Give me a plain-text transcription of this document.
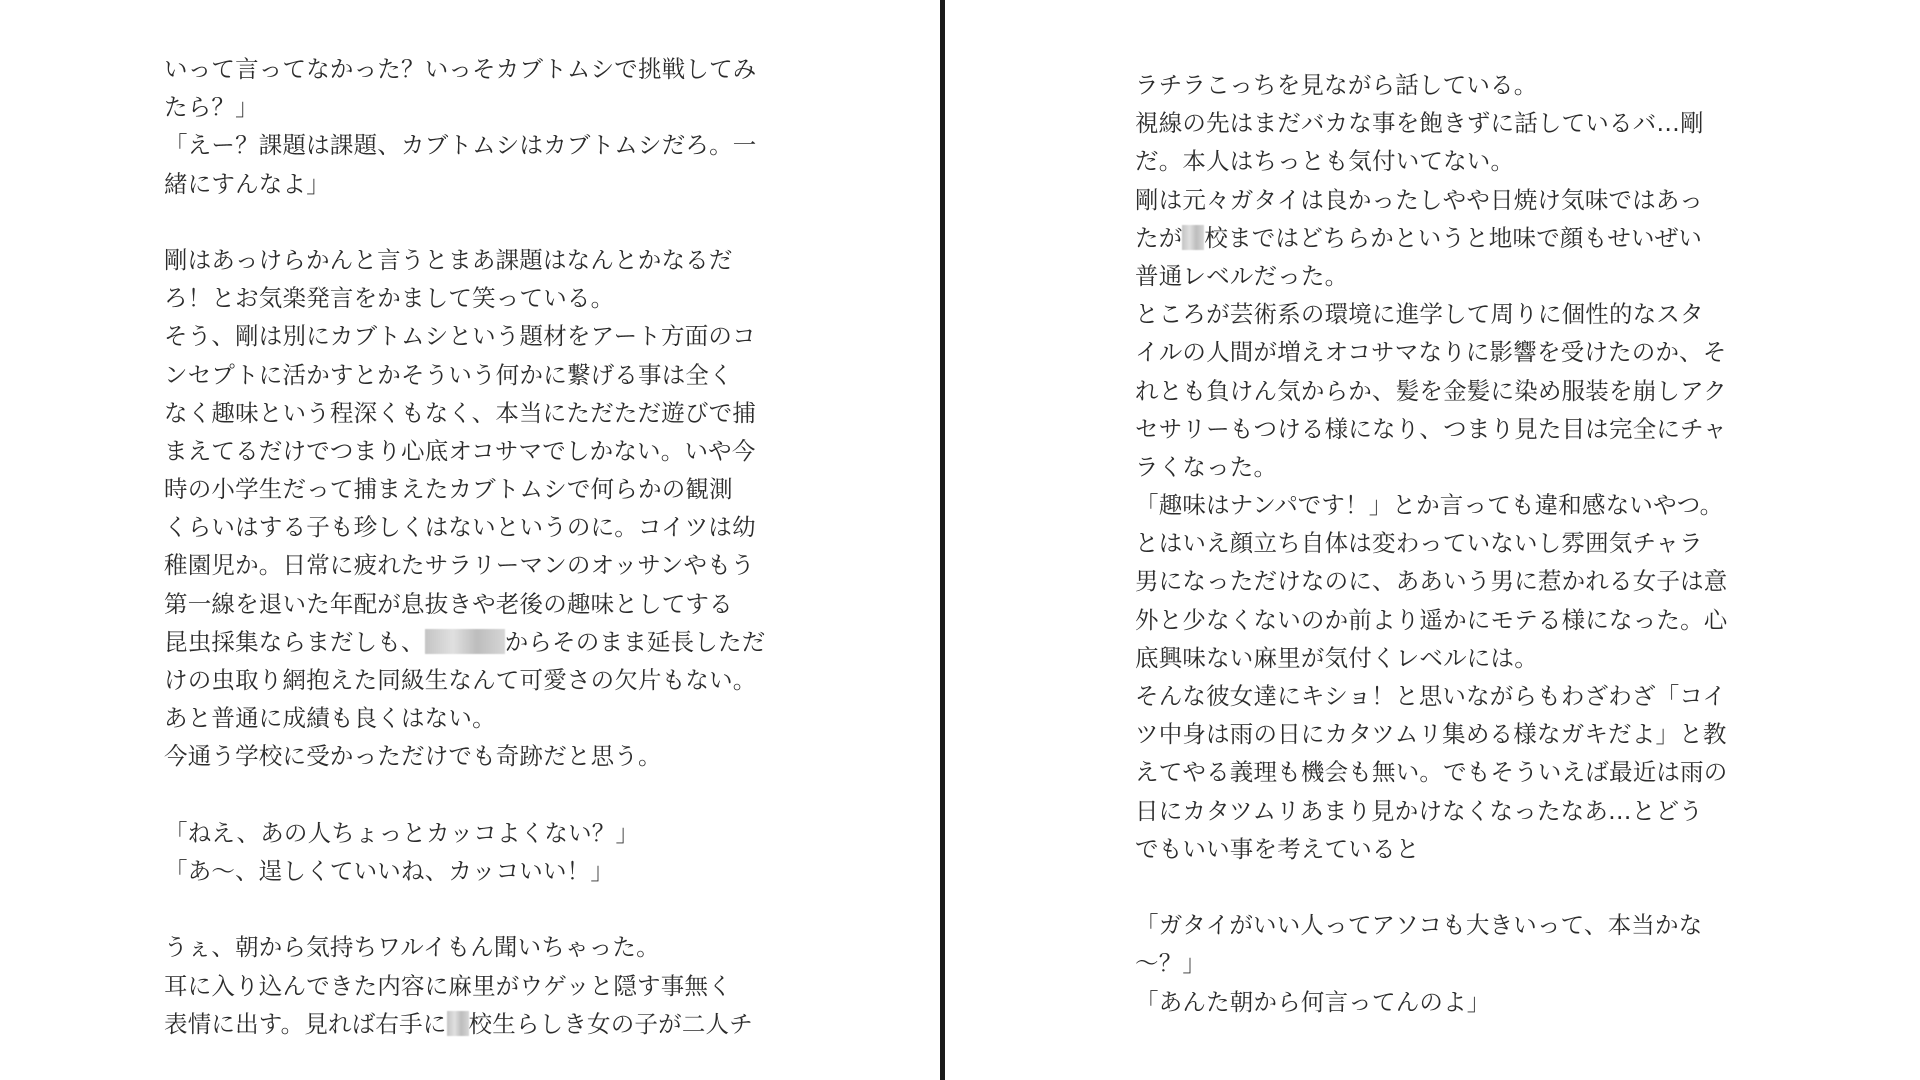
いって言ってなかった？いっそカブトムシで挑戦してみ
たら？」
「えー？課題は課題、カブトムシはカブトムシだろ。一
緒にすんなよ」
剛はあっけらかんと言うとまあ課題はなんとかなるだ
ろ！とお気楽発言をかまして笑っている。
そう、剛は別にカブトムシという題材をアート方面のコ
ンセプトに活かすとかそういう何かに繋げる事は全く
なく趣味という程深くもなく、本当にただただ遊びで捕
まえてるだけでつまり心底オコサマでしかない。いや今
時の小学生だって捕まえたカブトムシで何らかの観測
くらいはする子も珍しくはないというのに。コイツは幼
稚園児か。日常に疲れたサラリーマンのオッサンやもう
第一線を退いた年配が息抜きや老後の趣味としてする
昆虫採集ならまだしも、	からそのまま延長しただ
けの虫取り網抱えた同級生なんて可愛さの欠片もない。
あと普通に成績も良くはない。
今通う学校に受かっただけでも奇跡だと思う。
「ねえ、あの人ちょっとカッコよくない？」
「あ〜、逞しくていいね、カッコいい！」
うぇ、朝から気持ちワルイもん聞いちゃった。
耳に入り込んできた内容に麻里がウゲッと隠す事無く
表情に出す。見れば右手に 校生らしき女の子が二人チ
ラチラこっちを見ながら話している。
視線の先はまだバカな事を飽きずに話しているバ…剛
だ。本人はちっとも気付いてない。
剛は元々ガタイは良かったしやや日焼け気味ではあっ
たが 校まではどちらかというと地味で顔もせいぜい
普通レベルだった。
ところが芸術系の環境に進学して周りに個性的なスタ
イルの人間が増えオコサマなりに影響を受けたのか、そ
れとも負けん気からか、髪を金髪に染め服装を崩しアク
セサリーもつける様になり、つまり見た目は完全にチャ
ラくなった。
「趣味はナンパです！」とか言っても違和感ないやつ。
とはいえ顔立ち自体は変わっていないし雰囲気チャラ
男になっただけなのに、ああいう男に惹かれる女子は意
外と少なくないのか前より遥かにモテる様になった。心
底興味ない麻里が気付くレベルには。
そんな彼女達にキショ！と思いながらもわざわざ「コイ
ツ中身は雨の日にカタツムリ集める様なガキだよ」と教
えてやる義理も機会も無い。でもそういえば最近は雨の
日にカタツムリあまり見かけなくなったなあ…とどう
でもいい事を考えていると
「ガタイがいい人ってアソコも大きいって、本当かな
〜？」
「あんた朝から何言ってんのよ」
